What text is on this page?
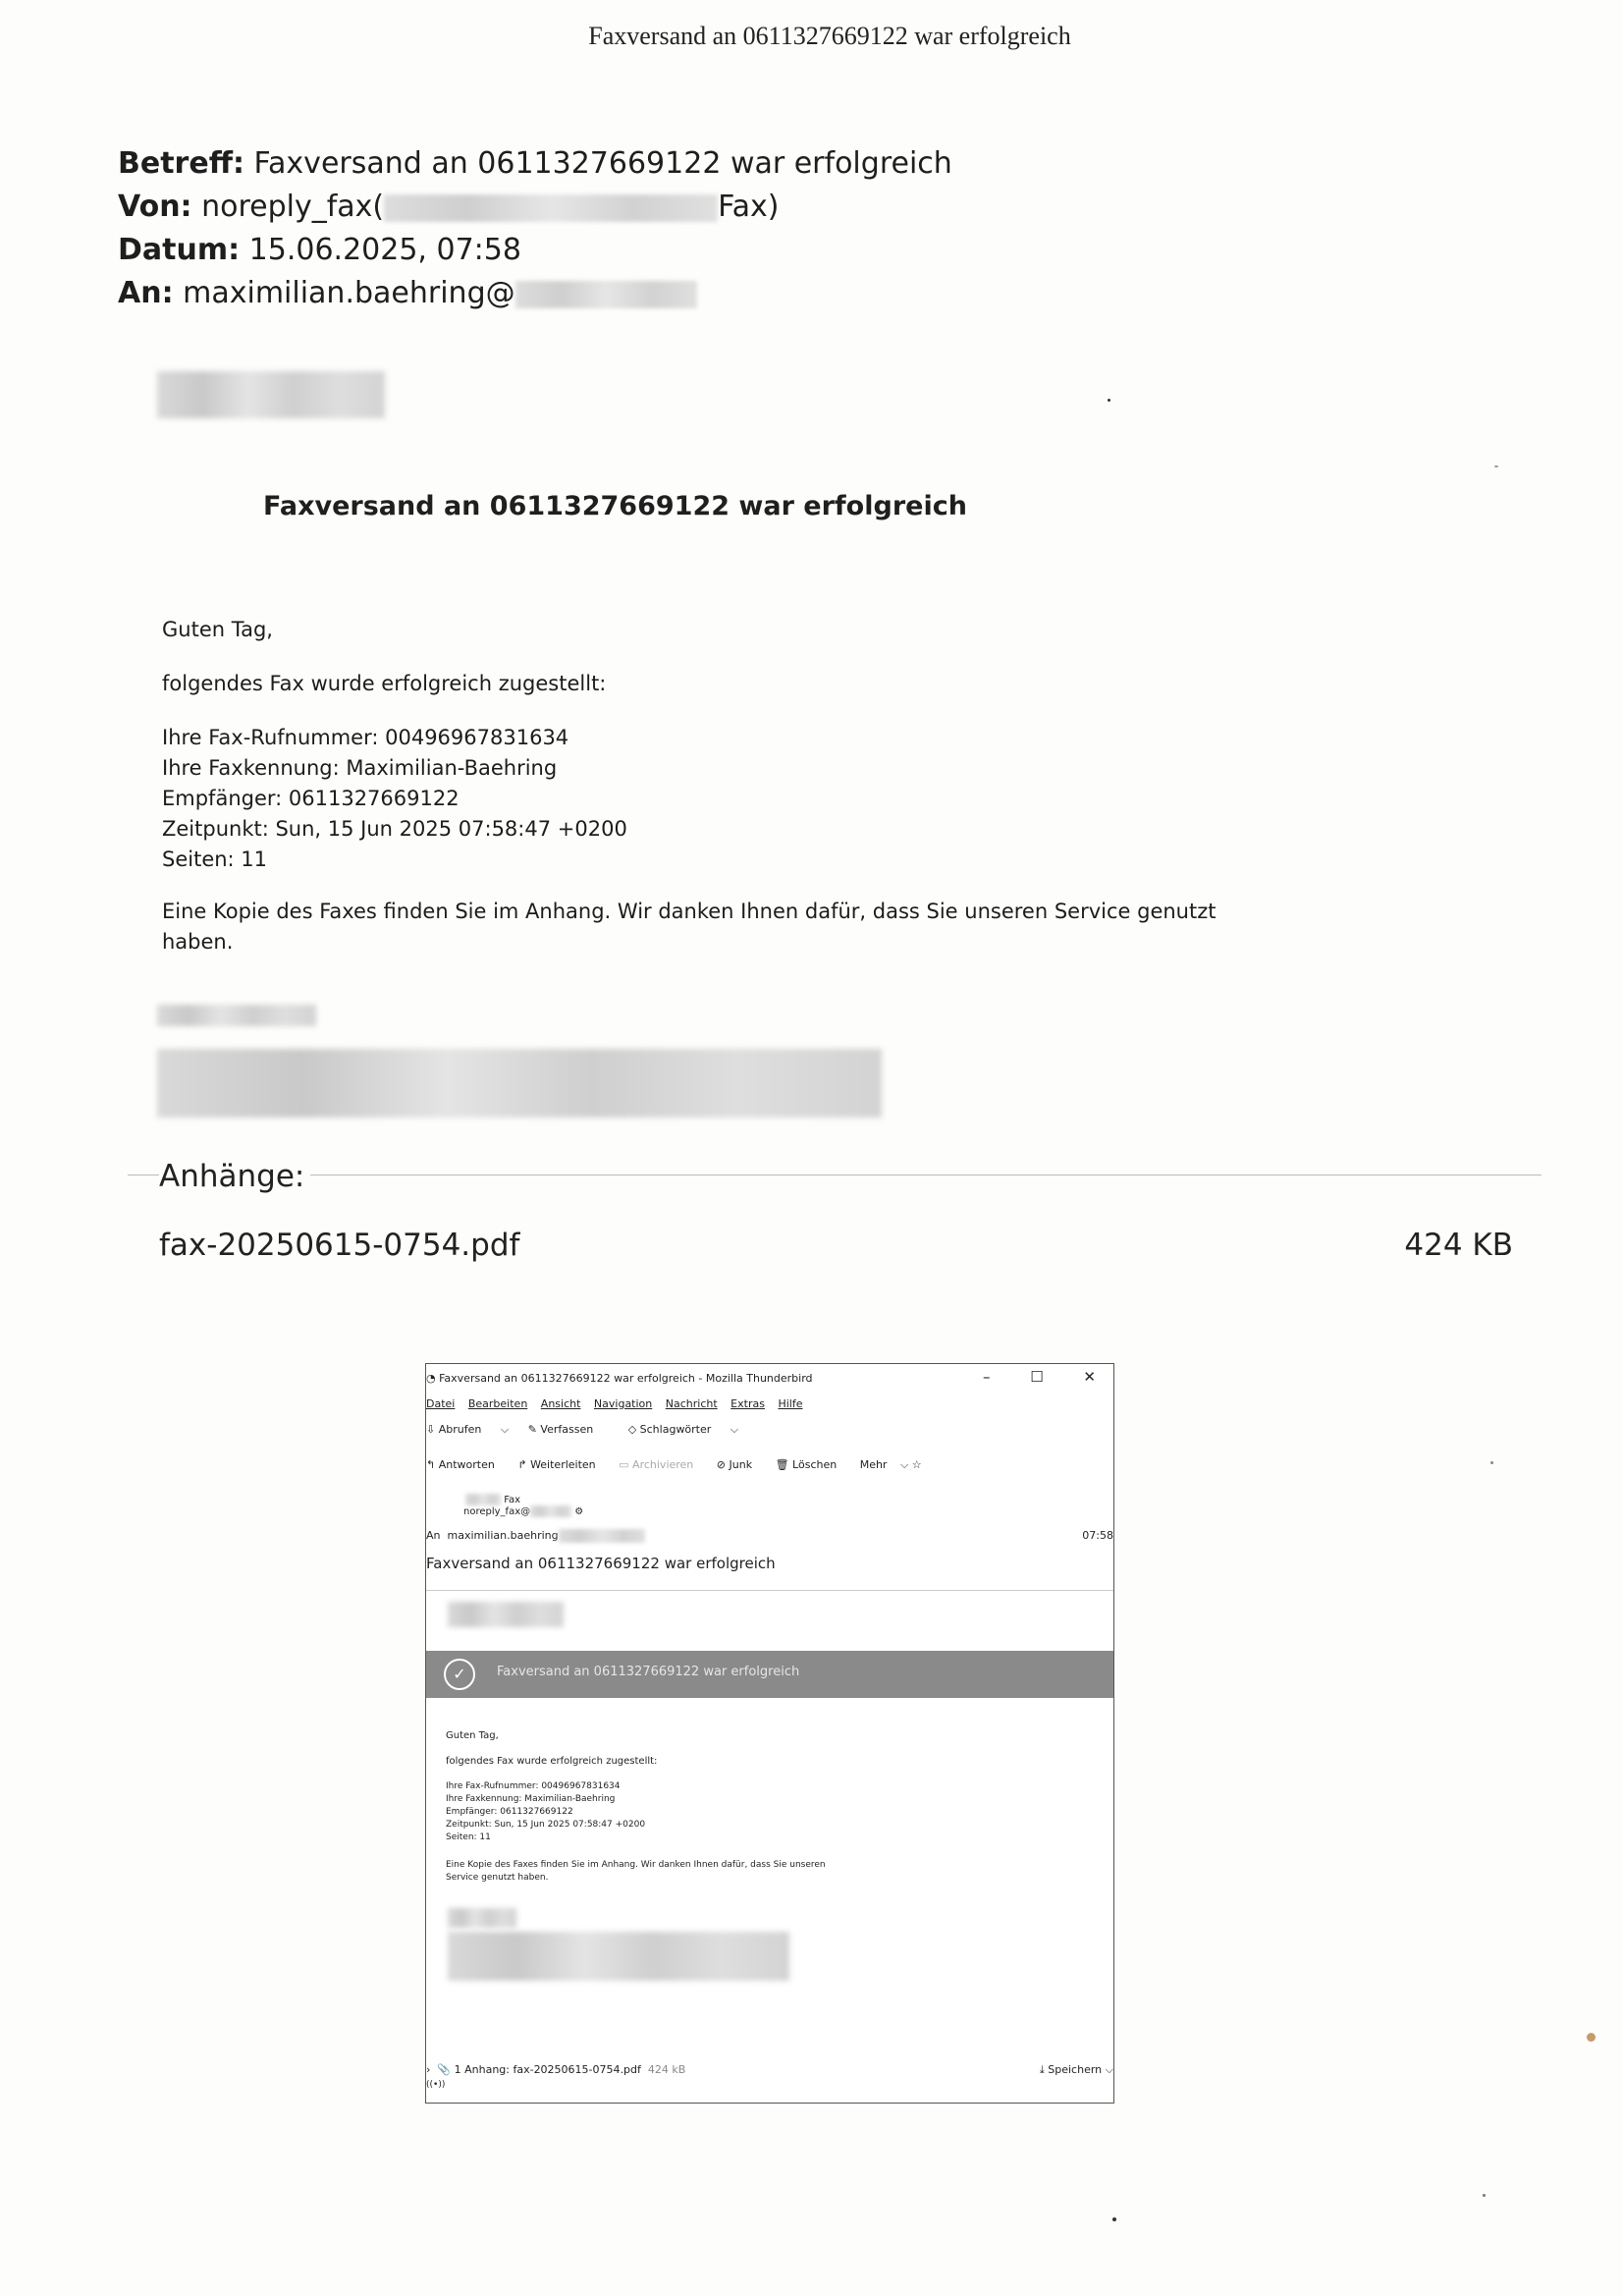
Faxversand an 0611327669122 war erfolgreich
Betreff: Faxversand an 0611327669122 war erfolgreich
Von: noreply_fax(	Fax)
Datum: 15.06.2025, 07:58
An: maximilian.baehring@
Faxversand an 0611327669122 war erfolgreich
Guten Tag,
folgendes Fax wurde erfolgreich zugestellt:
Ihre Fax-Rufnummer: 00496967831634
Ihre Faxkennung: Maximilian-Baehring
Empfänger: 0611327669122
Zeitpunkt: Sun, 15 Jun 2025 07:58:47 +0200
Seiten: 11
Eine Kopie des Faxes finden Sie im Anhang. Wir danken Ihnen dafür, dass Sie unseren Service genutzt
haben.
Anhänge:
fax-20250615-0754.pdf	424 KB
◔ Faxversand an 0611327669122 war erfolgreich - Mozilla Thunderbird	– ☐ ✕
Datei Bearbeiten Ansicht Navigation Nachricht Extras Hilfe
⇩ Abrufen ⌵ ✎ Verfassen	◇ Schlagwörter ⌵
↰ Antworten ↱ Weiterleiten ▭ Archivieren ⊘ Junk 🗑 Löschen Mehr ⌵ ☆
Fax
noreply_fax@	⚙
An maximilian.baehring	07:58
Faxversand an 0611327669122 war erfolgreich
✓	Faxversand an 0611327669122 war erfolgreich
Guten Tag,
folgendes Fax wurde erfolgreich zugestellt:
Ihre Fax-Rufnummer: 00496967831634
Ihre Faxkennung: Maximilian-Baehring
Empfänger: 0611327669122
Zeitpunkt: Sun, 15 Jun 2025 07:58:47 +0200
Seiten: 11
Eine Kopie des Faxes finden Sie im Anhang. Wir danken Ihnen dafür, dass Sie unseren
Service genutzt haben.
› 📎 1 Anhang: fax-20250615-0754.pdf 424 kB
((•))
⤓ Speichern ⌵
